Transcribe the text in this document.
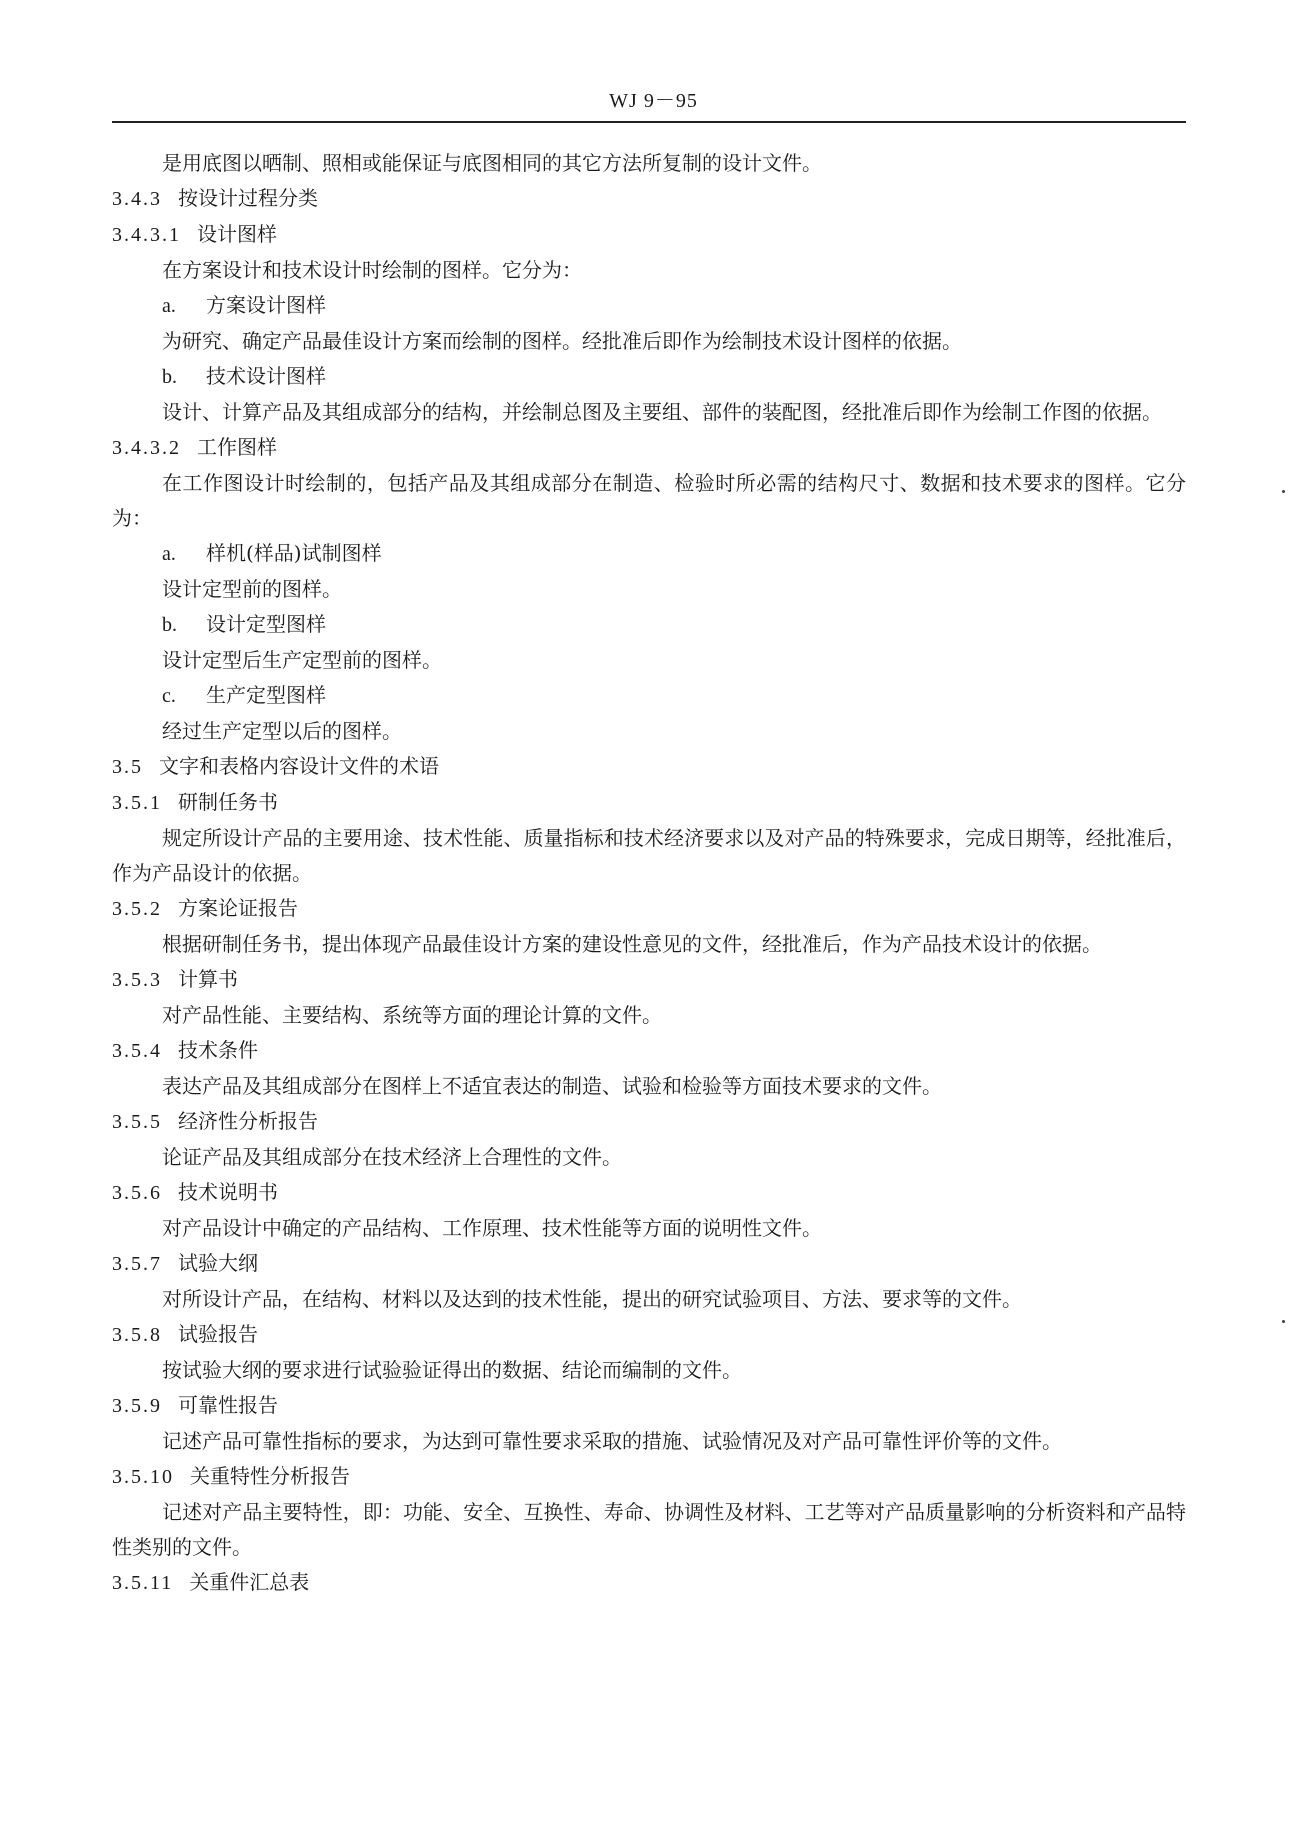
WJ 9－95

是用底图以晒制、照相或能保证与底图相同的其它方法所复制的设计文件。

3.4.3 按设计过程分类

3.4.3.1 设计图样

在方案设计和技术设计时绘制的图样。它分为：

a. 方案设计图样

为研究、确定产品最佳设计方案而绘制的图样。经批准后即作为绘制技术设计图样的依据。

b. 技术设计图样

设计、计算产品及其组成部分的结构，并绘制总图及主要组、部件的装配图，经批准后即作为绘制工作图的依据。

3.4.3.2 工作图样

在工作图设计时绘制的，包括产品及其组成部分在制造、检验时所必需的结构尺寸、数据和技术要求的图样。它分为：

a. 样机(样品)试制图样

设计定型前的图样。

b. 设计定型图样

设计定型后生产定型前的图样。

c. 生产定型图样

经过生产定型以后的图样。

3.5 文字和表格内容设计文件的术语

3.5.1 研制任务书

规定所设计产品的主要用途、技术性能、质量指标和技术经济要求以及对产品的特殊要求，完成日期等，经批准后，作为产品设计的依据。

3.5.2 方案论证报告

根据研制任务书，提出体现产品最佳设计方案的建设性意见的文件，经批准后，作为产品技术设计的依据。

3.5.3 计算书

对产品性能、主要结构、系统等方面的理论计算的文件。

3.5.4 技术条件

表达产品及其组成部分在图样上不适宜表达的制造、试验和检验等方面技术要求的文件。

3.5.5 经济性分析报告

论证产品及其组成部分在技术经济上合理性的文件。

3.5.6 技术说明书

对产品设计中确定的产品结构、工作原理、技术性能等方面的说明性文件。

3.5.7 试验大纲

对所设计产品，在结构、材料以及达到的技术性能，提出的研究试验项目、方法、要求等的文件。

3.5.8 试验报告

按试验大纲的要求进行试验验证得出的数据、结论而编制的文件。

3.5.9 可靠性报告

记述产品可靠性指标的要求，为达到可靠性要求采取的措施、试验情况及对产品可靠性评价等的文件。

3.5.10 关重特性分析报告

记述对产品主要特性，即：功能、安全、互换性、寿命、协调性及材料、工艺等对产品质量影响的分析资料和产品特性类别的文件。

3.5.11 关重件汇总表
